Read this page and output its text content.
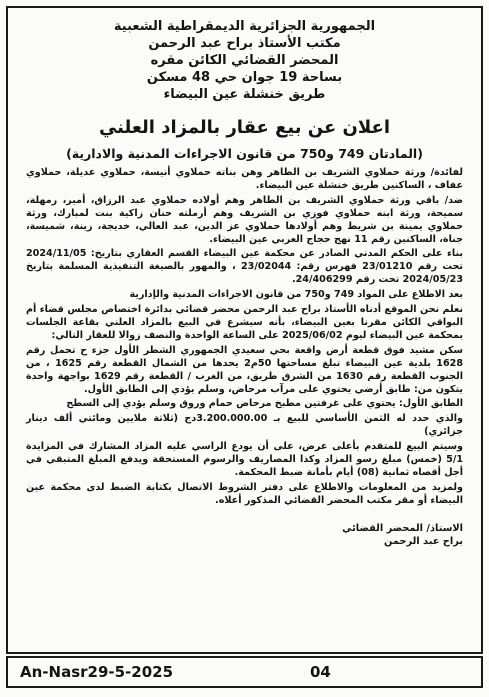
الجمهورية الجزائرية الديمقراطية الشعبية
مكتب الأستاذ براح عبد الرحمن
المحضر القضائي الكائن مقره
بساحة 19 جوان حي 48 مسكن
طريق خنشلة عين البيضاء
اعلان عن بيع عقار بالمزاد العلني
(المادتان 749 و750 من قانون الاجراءات المدنية والادارية)

لفائدة/ ورثة حملاوي الشريف بن الطاهر وهن بناته حملاوي أنيسة، حملاوي عديلة، حملاوي عفاف ، الساكنين طريق خنشلة عين البيضاء.

ضد/ باقي ورثة حملاوي الشريف بن الطاهر وهم أولاده حملاوي عبد الرزاق، أمير، رمهلة، سميحة، ورثة ابنه حملاوي فوزي بن الشريف وهم أرملته حنان زاكية بنت لمبارك، ورثة حملاوي يمينة بن شريط وهم أولادها حملاوي عز الدين، عبد العالي، خديجة، زينة، شميسة، جناة، الساكنين رقم 11 نهج حجاج العربي عين البيضاء.

بناء على الحكم المدني الصادر عن محكمة عين البيضاء القسم العقاري بتاريخ: 2024/11/05 تحت رقم 23/01210 فهرس رقم: 23/02044 ، والمهور بالصيغة التنفيذية المسلمة بتاريخ 2024/05/23 تحت رقم 24/406299.

بعد الاطلاع على المواد 749 و750 من قانون الاجراءات المدنية والإدارية

نعلم نحن الموقع أدناه الأستاذ براح عبد الرحمن محضر قضائي بدائرة اختصاص مجلس قضاء أم البواقي الكائن مقرنا بعين البيضاء، بأنه سيشرع في البيع بالمزاد العلني بقاعة الجلسات بمحكمة عين البيضاء ليوم 2025/06/02 على الساعة الواحدة والنصف زوالا للعقار التالي:

سكن مشيد فوق قطعة أرض واقعة بحي سعيدي الجمهوري الشطر الأول جزء ح تحمل رقم 1628 بلدية عين البيضاء تبلغ مساحتها 50م2 يحدها من الشمال القطعة رقم 1625 ، من الجنوب القطعة رقم 1630 من الشرق طريق، من الغرب / القطعة رقم 1629 بواجهة واحدة يتكون من: طابق أرضي يحتوي على مرآب مرحاض، وسلم يؤدي إلى الطابق الأول.

الطابق الأول: يحتوي على غرفتين مطبخ مرحاض حمام وروق وسلم يؤدي إلى السطح

والذي حدد له الثمن الأساسي للبيع بـ 3.200.000.00دج (ثلاثة ملايين ومائتي ألف دينار جزائري)

وسيتم البيع للمتقدم بأعلى عرض، على أن يودع الراسي عليه المزاد المشارك في المزايدة 5/1 (خمس) مبلغ رسو المزاد وكذا المصاريف والرسوم المستحقة ويدفع المبلغ المتبقي في أجل أقصاه ثمانية (08) أيام بأمانة ضبط المحكمة.

ولمزيد من المعلومات والاطلاع على دفتر الشروط الاتصال بكتابة الضبط لدى محكمة عين البيضاء أو مقر مكتب المحضر القضائي المذكور أعلاه.

الاستاذ/ المحضر القضائي
براح عبد الرحمن
An-Nasr29-5-2025	04
